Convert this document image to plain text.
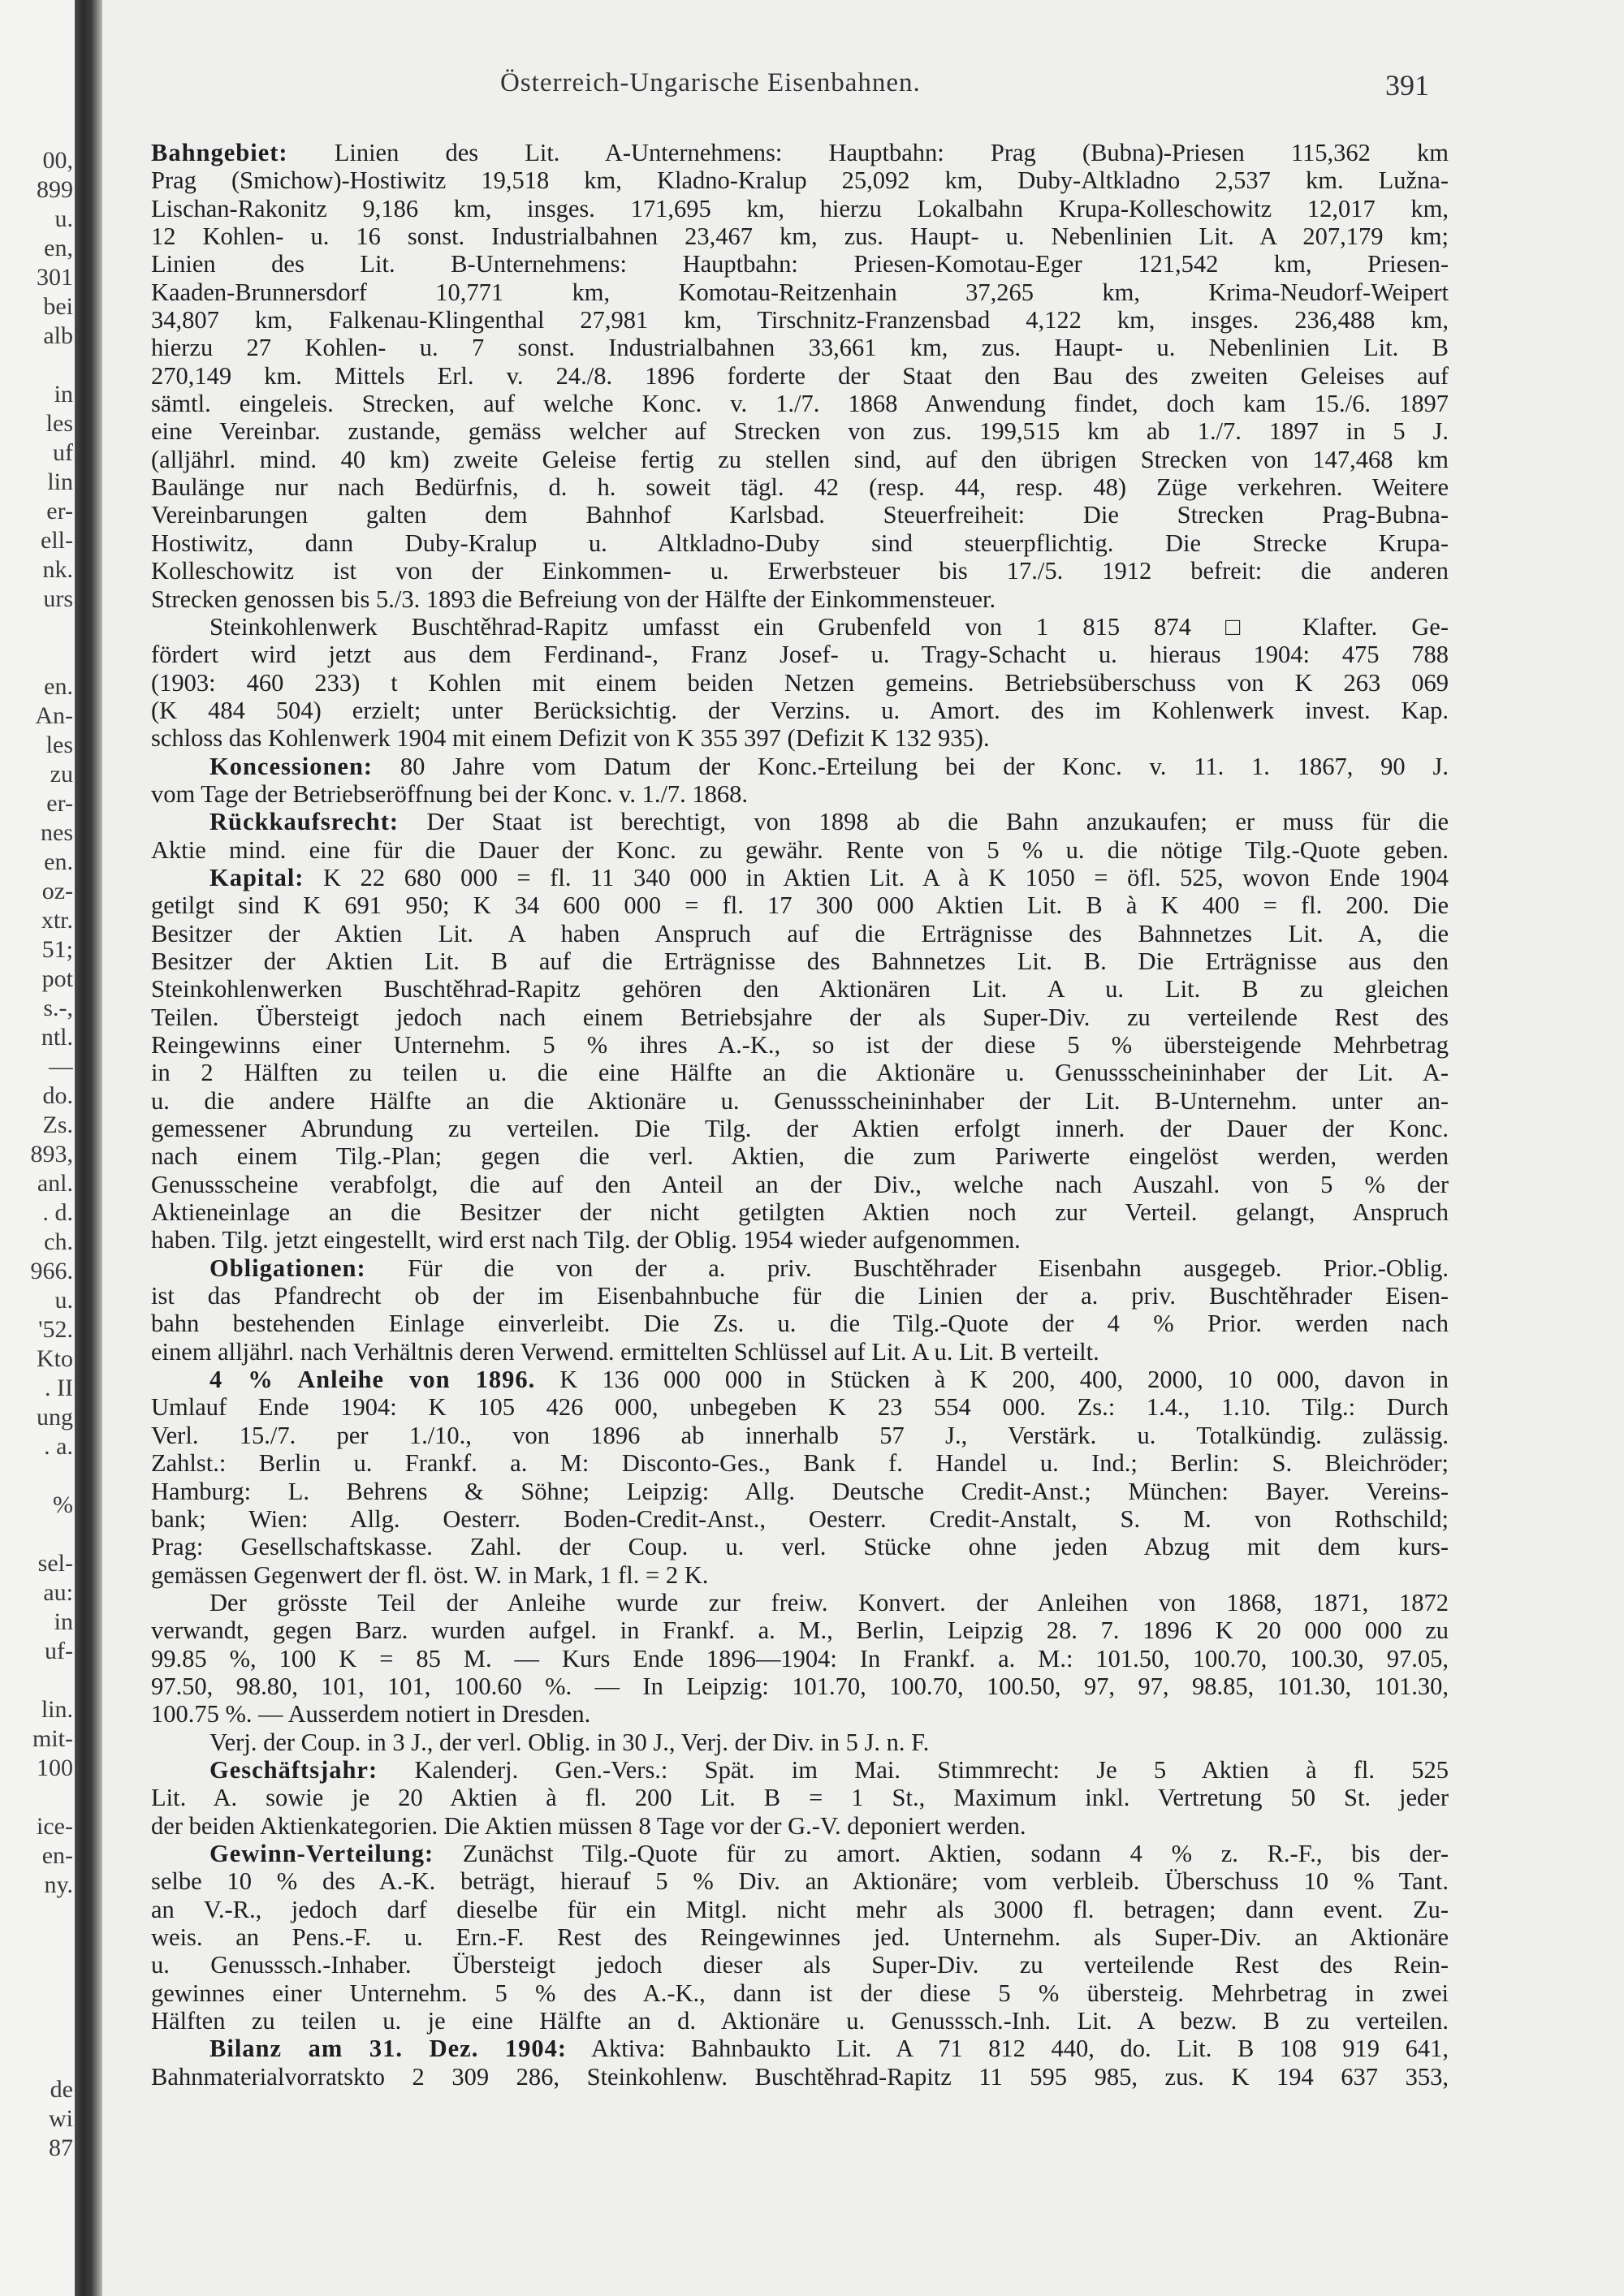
00,
899
u.
en,
301
bei
alb
in
les
uf
lin
er-
ell-
nk.
urs
en.
An-
les
zu
er-
nes
en.
oz-
xtr.
51;
pot
s.-,
ntl.
—
do.
Zs.
893,
anl.
. d.
ch.
966.
u.
'52.
Kto
. II
ung
. a.
%
sel-
au:
in
uf-
lin.
mit-
100
ice-
en-
ny.
de
wi
87
Österreich-Ungarische Eisenbahnen.	391
Bahngebiet: Linien des Lit. A-Unternehmens: Hauptbahn: Prag (Bubna)-Priesen 115,362 km
Prag (Smichow)-Hostiwitz 19,518 km, Kladno-Kralup 25,092 km, Duby-Altkladno 2,537 km. Lužna-
Lischan-Rakonitz 9,186 km, insges. 171,695 km, hierzu Lokalbahn Krupa-Kolleschowitz 12,017 km,
12 Kohlen- u. 16 sonst. Industrialbahnen 23,467 km, zus. Haupt- u. Nebenlinien Lit. A 207,179 km;
Linien des Lit. B-Unternehmens: Hauptbahn: Priesen-Komotau-Eger 121,542 km, Priesen-
Kaaden-Brunnersdorf 10,771 km, Komotau-Reitzenhain 37,265 km, Krima-Neudorf-Weipert
34,807 km, Falkenau-Klingenthal 27,981 km, Tirschnitz-Franzensbad 4,122 km, insges. 236,488 km,
hierzu 27 Kohlen- u. 7 sonst. Industrialbahnen 33,661 km, zus. Haupt- u. Nebenlinien Lit. B
270,149 km. Mittels Erl. v. 24./8. 1896 forderte der Staat den Bau des zweiten Geleises auf
sämtl. eingeleis. Strecken, auf welche Konc. v. 1./7. 1868 Anwendung findet, doch kam 15./6. 1897
eine Vereinbar. zustande, gemäss welcher auf Strecken von zus. 199,515 km ab 1./7. 1897 in 5 J.
(alljährl. mind. 40 km) zweite Geleise fertig zu stellen sind, auf den übrigen Strecken von 147,468 km
Baulänge nur nach Bedürfnis, d. h. soweit tägl. 42 (resp. 44, resp. 48) Züge verkehren. Weitere
Vereinbarungen galten dem Bahnhof Karlsbad. Steuerfreiheit: Die Strecken Prag-Bubna-
Hostiwitz, dann Duby-Kralup u. Altkladno-Duby sind steuerpflichtig. Die Strecke Krupa-
Kolleschowitz ist von der Einkommen- u. Erwerbsteuer bis 17./5. 1912 befreit: die anderen
Strecken genossen bis 5./3. 1893 die Befreiung von der Hälfte der Einkommensteuer.
Steinkohlenwerk Buschtěhrad-Rapitz umfasst ein Grubenfeld von 1 815 874 □ Klafter. Ge-
fördert wird jetzt aus dem Ferdinand-, Franz Josef- u. Tragy-Schacht u. hieraus 1904: 475 788
(1903: 460 233) t Kohlen mit einem beiden Netzen gemeins. Betriebsüberschuss von K 263 069
(K 484 504) erzielt; unter Berücksichtig. der Verzins. u. Amort. des im Kohlenwerk invest. Kap.
schloss das Kohlenwerk 1904 mit einem Defizit von K 355 397 (Defizit K 132 935).
Koncessionen: 80 Jahre vom Datum der Konc.-Erteilung bei der Konc. v. 11. 1. 1867, 90 J.
vom Tage der Betriebseröffnung bei der Konc. v. 1./7. 1868.
Rückkaufsrecht: Der Staat ist berechtigt, von 1898 ab die Bahn anzukaufen; er muss für die
Aktie mind. eine für die Dauer der Konc. zu gewähr. Rente von 5 % u. die nötige Tilg.-Quote geben.
Kapital: K 22 680 000 = fl. 11 340 000 in Aktien Lit. A à K 1050 = öfl. 525, wovon Ende 1904
getilgt sind K 691 950; K 34 600 000 = fl. 17 300 000 Aktien Lit. B à K 400 = fl. 200. Die
Besitzer der Aktien Lit. A haben Anspruch auf die Erträgnisse des Bahnnetzes Lit. A, die
Besitzer der Aktien Lit. B auf die Erträgnisse des Bahnnetzes Lit. B. Die Erträgnisse aus den
Steinkohlenwerken Buschtěhrad-Rapitz gehören den Aktionären Lit. A u. Lit. B zu gleichen
Teilen. Übersteigt jedoch nach einem Betriebsjahre der als Super-Div. zu verteilende Rest des
Reingewinns einer Unternehm. 5 % ihres A.-K., so ist der diese 5 % übersteigende Mehrbetrag
in 2 Hälften zu teilen u. die eine Hälfte an die Aktionäre u. Genussscheininhaber der Lit. A-
u. die andere Hälfte an die Aktionäre u. Genussscheininhaber der Lit. B-Unternehm. unter an-
gemessener Abrundung zu verteilen. Die Tilg. der Aktien erfolgt innerh. der Dauer der Konc.
nach einem Tilg.-Plan; gegen die verl. Aktien, die zum Pariwerte eingelöst werden, werden
Genussscheine verabfolgt, die auf den Anteil an der Div., welche nach Auszahl. von 5 % der
Aktieneinlage an die Besitzer der nicht getilgten Aktien noch zur Verteil. gelangt, Anspruch
haben. Tilg. jetzt eingestellt, wird erst nach Tilg. der Oblig. 1954 wieder aufgenommen.
Obligationen: Für die von der a. priv. Buschtěhrader Eisenbahn ausgegeb. Prior.-Oblig.
ist das Pfandrecht ob der im Eisenbahnbuche für die Linien der a. priv. Buschtěhrader Eisen-
bahn bestehenden Einlage einverleibt. Die Zs. u. die Tilg.-Quote der 4 % Prior. werden nach
einem alljährl. nach Verhältnis deren Verwend. ermittelten Schlüssel auf Lit. A u. Lit. B verteilt.
4 % Anleihe von 1896. K 136 000 000 in Stücken à K 200, 400, 2000, 10 000, davon in
Umlauf Ende 1904: K 105 426 000, unbegeben K 23 554 000. Zs.: 1.4., 1.10. Tilg.: Durch
Verl. 15./7. per 1./10., von 1896 ab innerhalb 57 J., Verstärk. u. Totalkündig. zulässig.
Zahlst.: Berlin u. Frankf. a. M: Disconto-Ges., Bank f. Handel u. Ind.; Berlin: S. Bleichröder;
Hamburg: L. Behrens & Söhne; Leipzig: Allg. Deutsche Credit-Anst.; München: Bayer. Vereins-
bank; Wien: Allg. Oesterr. Boden-Credit-Anst., Oesterr. Credit-Anstalt, S. M. von Rothschild;
Prag: Gesellschaftskasse. Zahl. der Coup. u. verl. Stücke ohne jeden Abzug mit dem kurs-
gemässen Gegenwert der fl. öst. W. in Mark, 1 fl. = 2 K.
Der grösste Teil der Anleihe wurde zur freiw. Konvert. der Anleihen von 1868, 1871, 1872
verwandt, gegen Barz. wurden aufgel. in Frankf. a. M., Berlin, Leipzig 28. 7. 1896 K 20 000 000 zu
99.85 %, 100 K = 85 M. — Kurs Ende 1896—1904: In Frankf. a. M.: 101.50, 100.70, 100.30, 97.05,
97.50, 98.80, 101, 101, 100.60 %. — In Leipzig: 101.70, 100.70, 100.50, 97, 97, 98.85, 101.30, 101.30,
100.75 %. — Ausserdem notiert in Dresden.
Verj. der Coup. in 3 J., der verl. Oblig. in 30 J., Verj. der Div. in 5 J. n. F.
Geschäftsjahr: Kalenderj. Gen.-Vers.: Spät. im Mai. Stimmrecht: Je 5 Aktien à fl. 525
Lit. A. sowie je 20 Aktien à fl. 200 Lit. B = 1 St., Maximum inkl. Vertretung 50 St. jeder
der beiden Aktienkategorien. Die Aktien müssen 8 Tage vor der G.-V. deponiert werden.
Gewinn-Verteilung: Zunächst Tilg.-Quote für zu amort. Aktien, sodann 4 % z. R.-F., bis der-
selbe 10 % des A.-K. beträgt, hierauf 5 % Div. an Aktionäre; vom verbleib. Überschuss 10 % Tant.
an V.-R., jedoch darf dieselbe für ein Mitgl. nicht mehr als 3000 fl. betragen; dann event. Zu-
weis. an Pens.-F. u. Ern.-F. Rest des Reingewinnes jed. Unternehm. als Super-Div. an Aktionäre
u. Genusssch.-Inhaber. Übersteigt jedoch dieser als Super-Div. zu verteilende Rest des Rein-
gewinnes einer Unternehm. 5 % des A.-K., dann ist der diese 5 % übersteig. Mehrbetrag in zwei
Hälften zu teilen u. je eine Hälfte an d. Aktionäre u. Genusssch.-Inh. Lit. A bezw. B zu verteilen.
Bilanz am 31. Dez. 1904: Aktiva: Bahnbaukto Lit. A 71 812 440, do. Lit. B 108 919 641,
Bahnmaterialvorratskto 2 309 286, Steinkohlenw. Buschtěhrad-Rapitz 11 595 985, zus. K 194 637 353,
